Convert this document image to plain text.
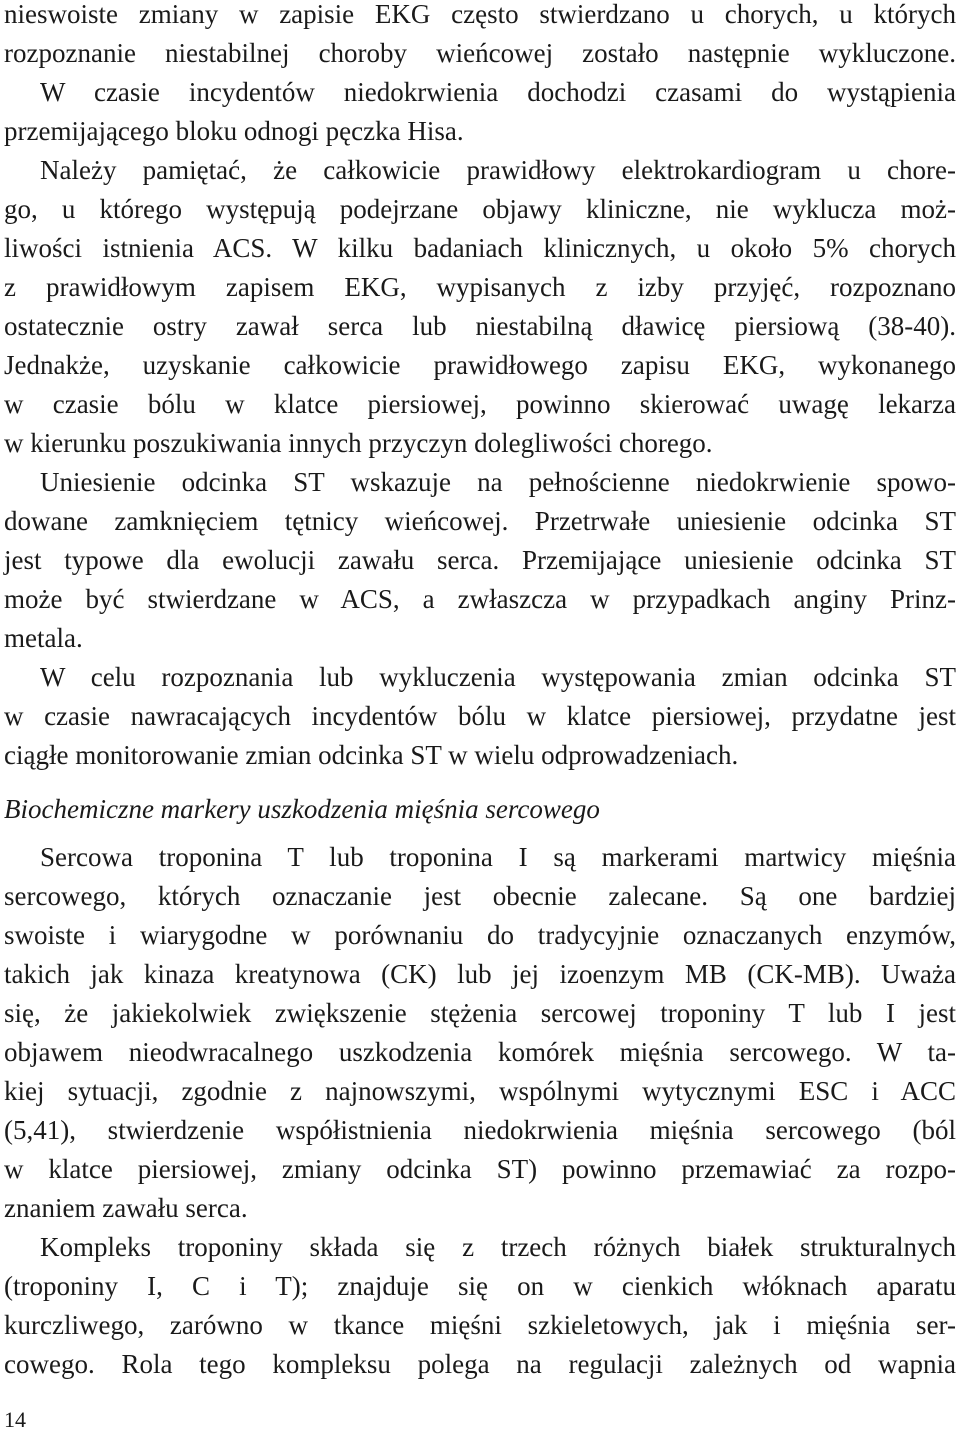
nieswoiste zmiany w zapisie EKG często stwierdzano u chorych, u których
rozpoznanie niestabilnej choroby wieńcowej zostało następnie wykluczone.
W czasie incydentów niedokrwienia dochodzi czasami do wystąpienia
przemijającego bloku odnogi pęczka Hisa.
Należy pamiętać, że całkowicie prawidłowy elektrokardiogram u chore-
go, u którego występują podejrzane objawy kliniczne, nie wyklucza moż-
liwości istnienia ACS. W kilku badaniach klinicznych, u około 5% chorych
z prawidłowym zapisem EKG, wypisanych z izby przyjęć, rozpoznano
ostatecznie ostry zawał serca lub niestabilną dławicę piersiową (38-40).
Jednakże, uzyskanie całkowicie prawidłowego zapisu EKG, wykonanego
w czasie bólu w klatce piersiowej, powinno skierować uwagę lekarza
w kierunku poszukiwania innych przyczyn dolegliwości chorego.
Uniesienie odcinka ST wskazuje na pełnościenne niedokrwienie spowo-
dowane zamknięciem tętnicy wieńcowej. Przetrwałe uniesienie odcinka ST
jest typowe dla ewolucji zawału serca. Przemijające uniesienie odcinka ST
może być stwierdzane w ACS, a zwłaszcza w przypadkach anginy Prinz-
metala.
W celu rozpoznania lub wykluczenia występowania zmian odcinka ST
w czasie nawracających incydentów bólu w klatce piersiowej, przydatne jest
ciągłe monitorowanie zmian odcinka ST w wielu odprowadzeniach.
Biochemiczne markery uszkodzenia mięśnia sercowego
Sercowa troponina T lub troponina I są markerami martwicy mięśnia
sercowego, których oznaczanie jest obecnie zalecane. Są one bardziej
swoiste i wiarygodne w porównaniu do tradycyjnie oznaczanych enzymów,
takich jak kinaza kreatynowa (CK) lub jej izoenzym MB (CK-MB). Uważa
się, że jakiekolwiek zwiększenie stężenia sercowej troponiny T lub I jest
objawem nieodwracalnego uszkodzenia komórek mięśnia sercowego. W ta-
kiej sytuacji, zgodnie z najnowszymi, wspólnymi wytycznymi ESC i ACC
(5,41), stwierdzenie współistnienia niedokrwienia mięśnia sercowego (ból
w klatce piersiowej, zmiany odcinka ST) powinno przemawiać za rozpo-
znaniem zawału serca.
Kompleks troponiny składa się z trzech różnych białek strukturalnych
(troponiny I, C i T); znajduje się on w cienkich włóknach aparatu
kurczliwego, zarówno w tkance mięśni szkieletowych, jak i mięśnia ser-
cowego. Rola tego kompleksu polega na regulacji zależnych od wapnia
14
